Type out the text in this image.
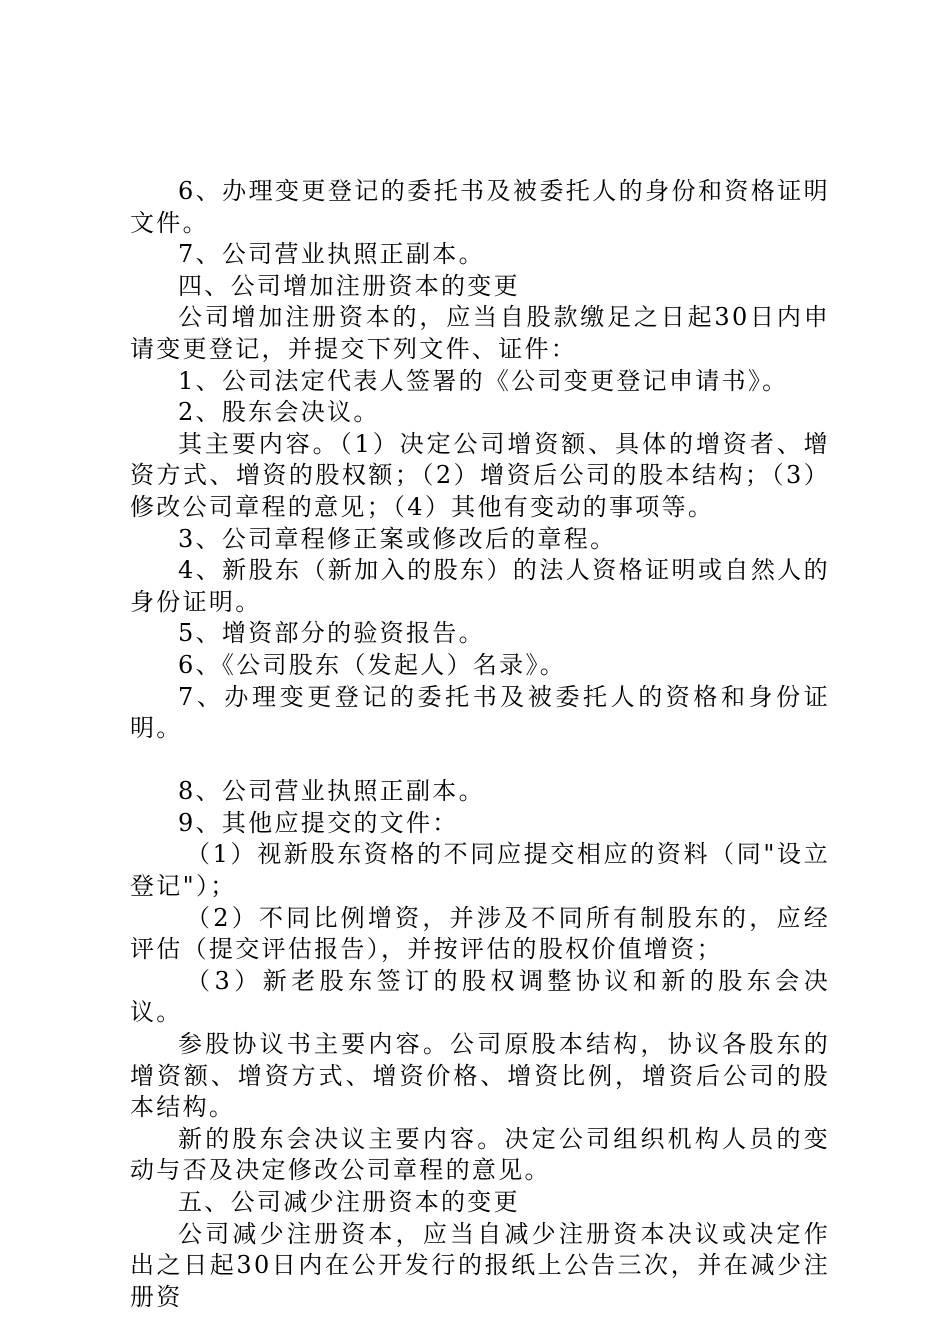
6、办理变更登记的委托书及被委托人的身份和资格证明文件。

7、公司营业执照正副本。

四、公司增加注册资本的变更

公司增加注册资本的，应当自股款缴足之日起30日内申请变更登记，并提交下列文件、证件：

1、公司法定代表人签署的《公司变更登记申请书》。

2、股东会决议。

其主要内容。（1）决定公司增资额、具体的增资者、增资方式、增资的股权额；（2）增资后公司的股本结构；（3）修改公司章程的意见；（4）其他有变动的事项等。

3、公司章程修正案或修改后的章程。

4、新股东（新加入的股东）的法人资格证明或自然人的身份证明。

5、增资部分的验资报告。

6、《公司股东（发起人）名录》。

7、办理变更登记的委托书及被委托人的资格和身份证明。

8、公司营业执照正副本。

9、其他应提交的文件：

（1）视新股东资格的不同应提交相应的资料（同"设立登记"）；

（2）不同比例增资，并涉及不同所有制股东的，应经评估（提交评估报告），并按评估的股权价值增资；

（3）新老股东签订的股权调整协议和新的股东会决议。

参股协议书主要内容。公司原股本结构，协议各股东的增资额、增资方式、增资价格、增资比例，增资后公司的股本结构。

新的股东会决议主要内容。决定公司组织机构人员的变动与否及决定修改公司章程的意见。

五、公司减少注册资本的变更

公司减少注册资本，应当自减少注册资本决议或决定作出之日起30日内在公开发行的报纸上公告三次，并在减少注册资
